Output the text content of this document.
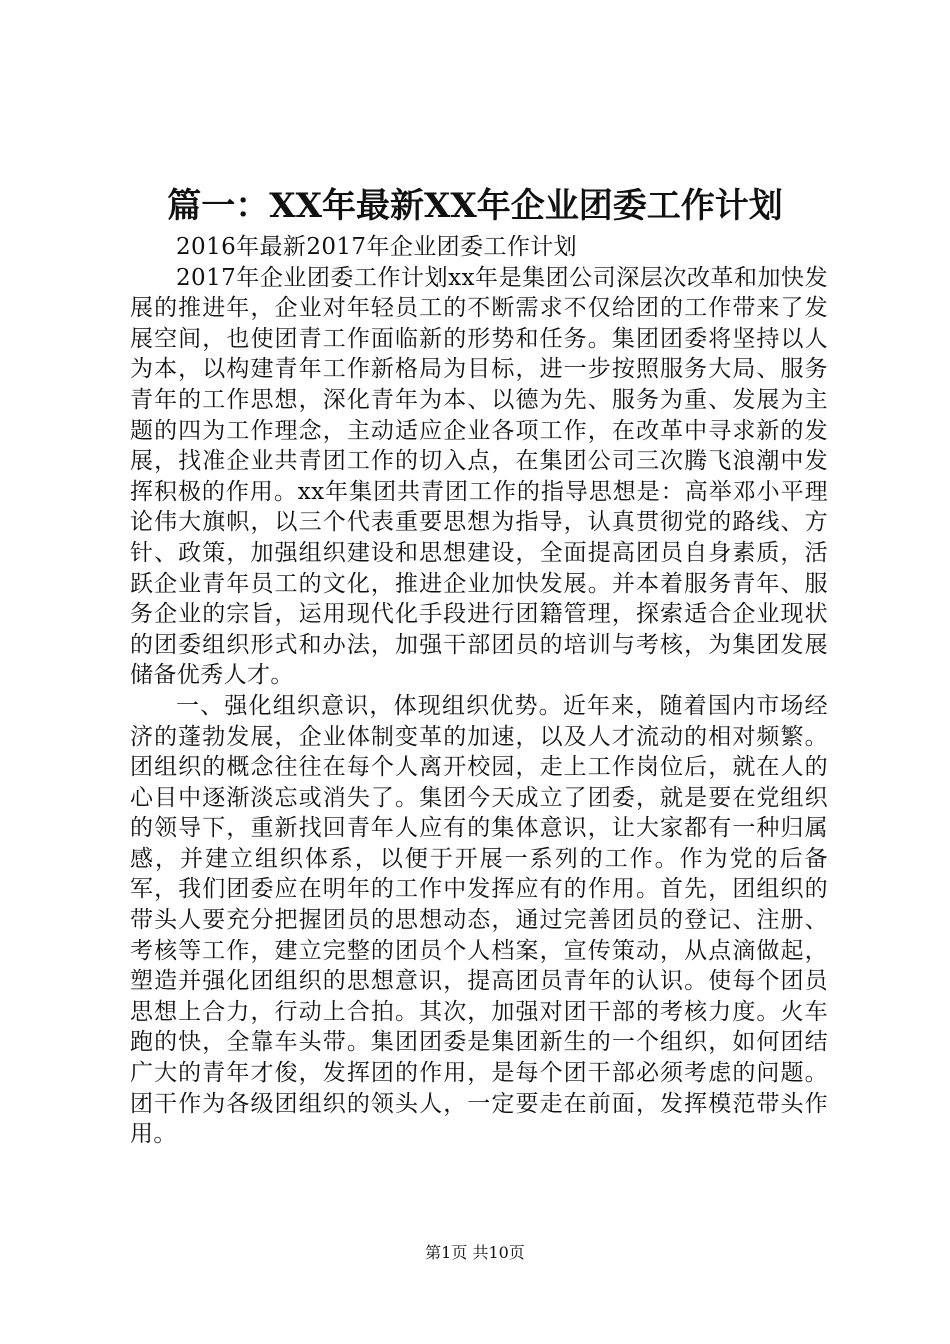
篇一：XX年最新XX年企业团委工作计划

2016年最新2017年企业团委工作计划

2017年企业团委工作计划xx年是集团公司深层次改革和加快发展的推进年，企业对年轻员工的不断需求不仅给团的工作带来了发展空间，也使团青工作面临新的形势和任务。集团团委将坚持以人为本，以构建青年工作新格局为目标，进一步按照服务大局、服务青年的工作思想，深化青年为本、以德为先、服务为重、发展为主题的四为工作理念，主动适应企业各项工作，在改革中寻求新的发展，找准企业共青团工作的切入点，在集团公司三次腾飞浪潮中发挥积极的作用。xx年集团共青团工作的指导思想是：高举邓小平理论伟大旗帜，以三个代表重要思想为指导，认真贯彻党的路线、方针、政策，加强组织建设和思想建设，全面提高团员自身素质，活跃企业青年员工的文化，推进企业加快发展。并本着服务青年、服务企业的宗旨，运用现代化手段进行团籍管理，探索适合企业现状的团委组织形式和办法，加强干部团员的培训与考核，为集团发展储备优秀人才。

一、强化组织意识，体现组织优势。近年来，随着国内市场经济的蓬勃发展，企业体制变革的加速，以及人才流动的相对频繁。团组织的概念往往在每个人离开校园，走上工作岗位后，就在人的心目中逐渐淡忘或消失了。集团今天成立了团委，就是要在党组织的领导下，重新找回青年人应有的集体意识，让大家都有一种归属感，并建立组织体系，以便于开展一系列的工作。作为党的后备军，我们团委应在明年的工作中发挥应有的作用。首先，团组织的带头人要充分把握团员的思想动态，通过完善团员的登记、注册、考核等工作，建立完整的团员个人档案，宣传策动，从点滴做起，塑造并强化团组织的思想意识，提高团员青年的认识。使每个团员思想上合力，行动上合拍。其次，加强对团干部的考核力度。火车跑的快，全靠车头带。集团团委是集团新生的一个组织，如何团结广大的青年才俊，发挥团的作用，是每个团干部必须考虑的问题。团干作为各级团组织的领头人，一定要走在前面，发挥模范带头作用。

第1页 共10页
